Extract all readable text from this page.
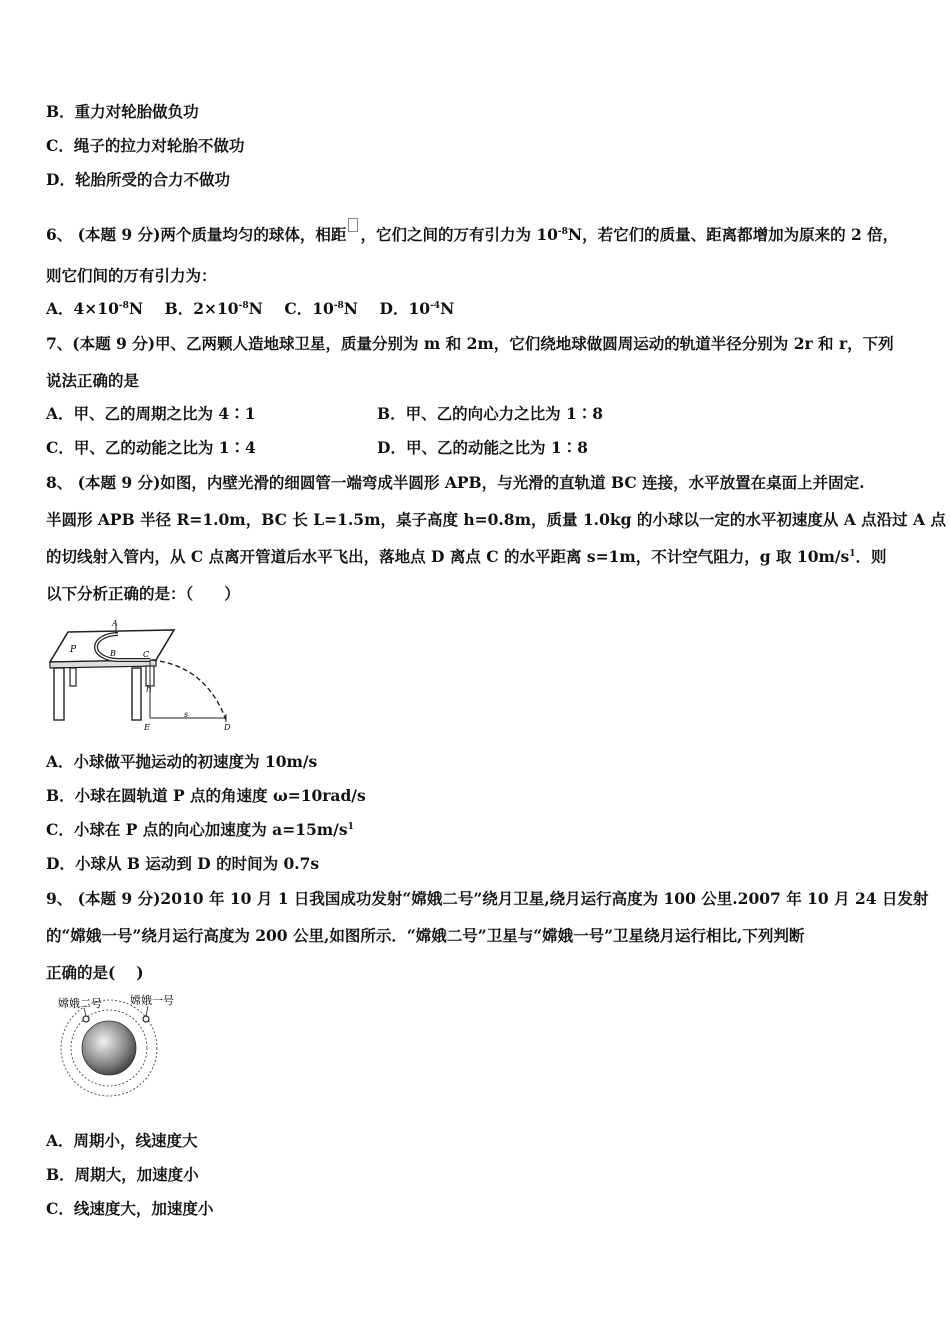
B．重力对轮胎做负功
C．绳子的拉力对轮胎不做功
D．轮胎所受的合力不做功
6、 (本题 9 分)两个质量均匀的球体，相距 ，它们之间的万有引力为 $10^{-8}N$，若它们的质量、距离都增加为原来的 2 倍，
则它们间的万有引力为：
A．$4\times 10^{-8}N$ B．$2\times 10^{-8}N$ C．$10^{-8}N$ D．$10^{-4}N$
7、(本题 9 分)甲、乙两颗人造地球卫星，质量分别为 m 和 2m，它们绕地球做圆周运动的轨道半径分别为 2r 和 r，下列
说法正确的是
A．甲、乙的周期之比为 4∶1	B．甲、乙的向心力之比为 1∶8
C．甲、乙的动能之比为 1∶4	D．甲、乙的动能之比为 1∶8
8、 (本题 9 分)如图，内壁光滑的细圆管一端弯成半圆形 APB，与光滑的直轨道 BC 连接，水平放置在桌面上并固定.
半圆形 APB 半径 R=1.0m，BC 长 L=1.5m，桌子高度 h=0.8m，质量 1.0kg 的小球以一定的水平初速度从 A 点沿过 A 点
的切线射入管内，从 C 点离开管道后水平飞出，落地点 D 离点 C 的水平距离 s=1m，不计空气阻力，g 取 $10m/s^1$．则
以下分析正确的是：（　　）
A
P	B	C
h
E
s
D
A．小球做平抛运动的初速度为 10m/s
B．小球在圆轨道 P 点的角速度 ω=10rad/s
C．小球在 P 点的向心加速度为 $a=15m/s^1$
D．小球从 B 运动到 D 的时间为 0.7s
9、 (本题 9 分)2010 年 10 月 1 日我国成功发射“嫦娥二号”绕月卫星,绕月运行高度为 100 公里.2007 年 10 月 24 日发射
的“嫦娥一号”绕月运行高度为 200 公里,如图所示．“嫦娥二号”卫星与“嫦娥一号”卫星绕月运行相比,下列判断
正确的是(　 )
嫦娥二号	嫦娥一号
A．周期小，线速度大
B．周期大，加速度小
C．线速度大，加速度小
